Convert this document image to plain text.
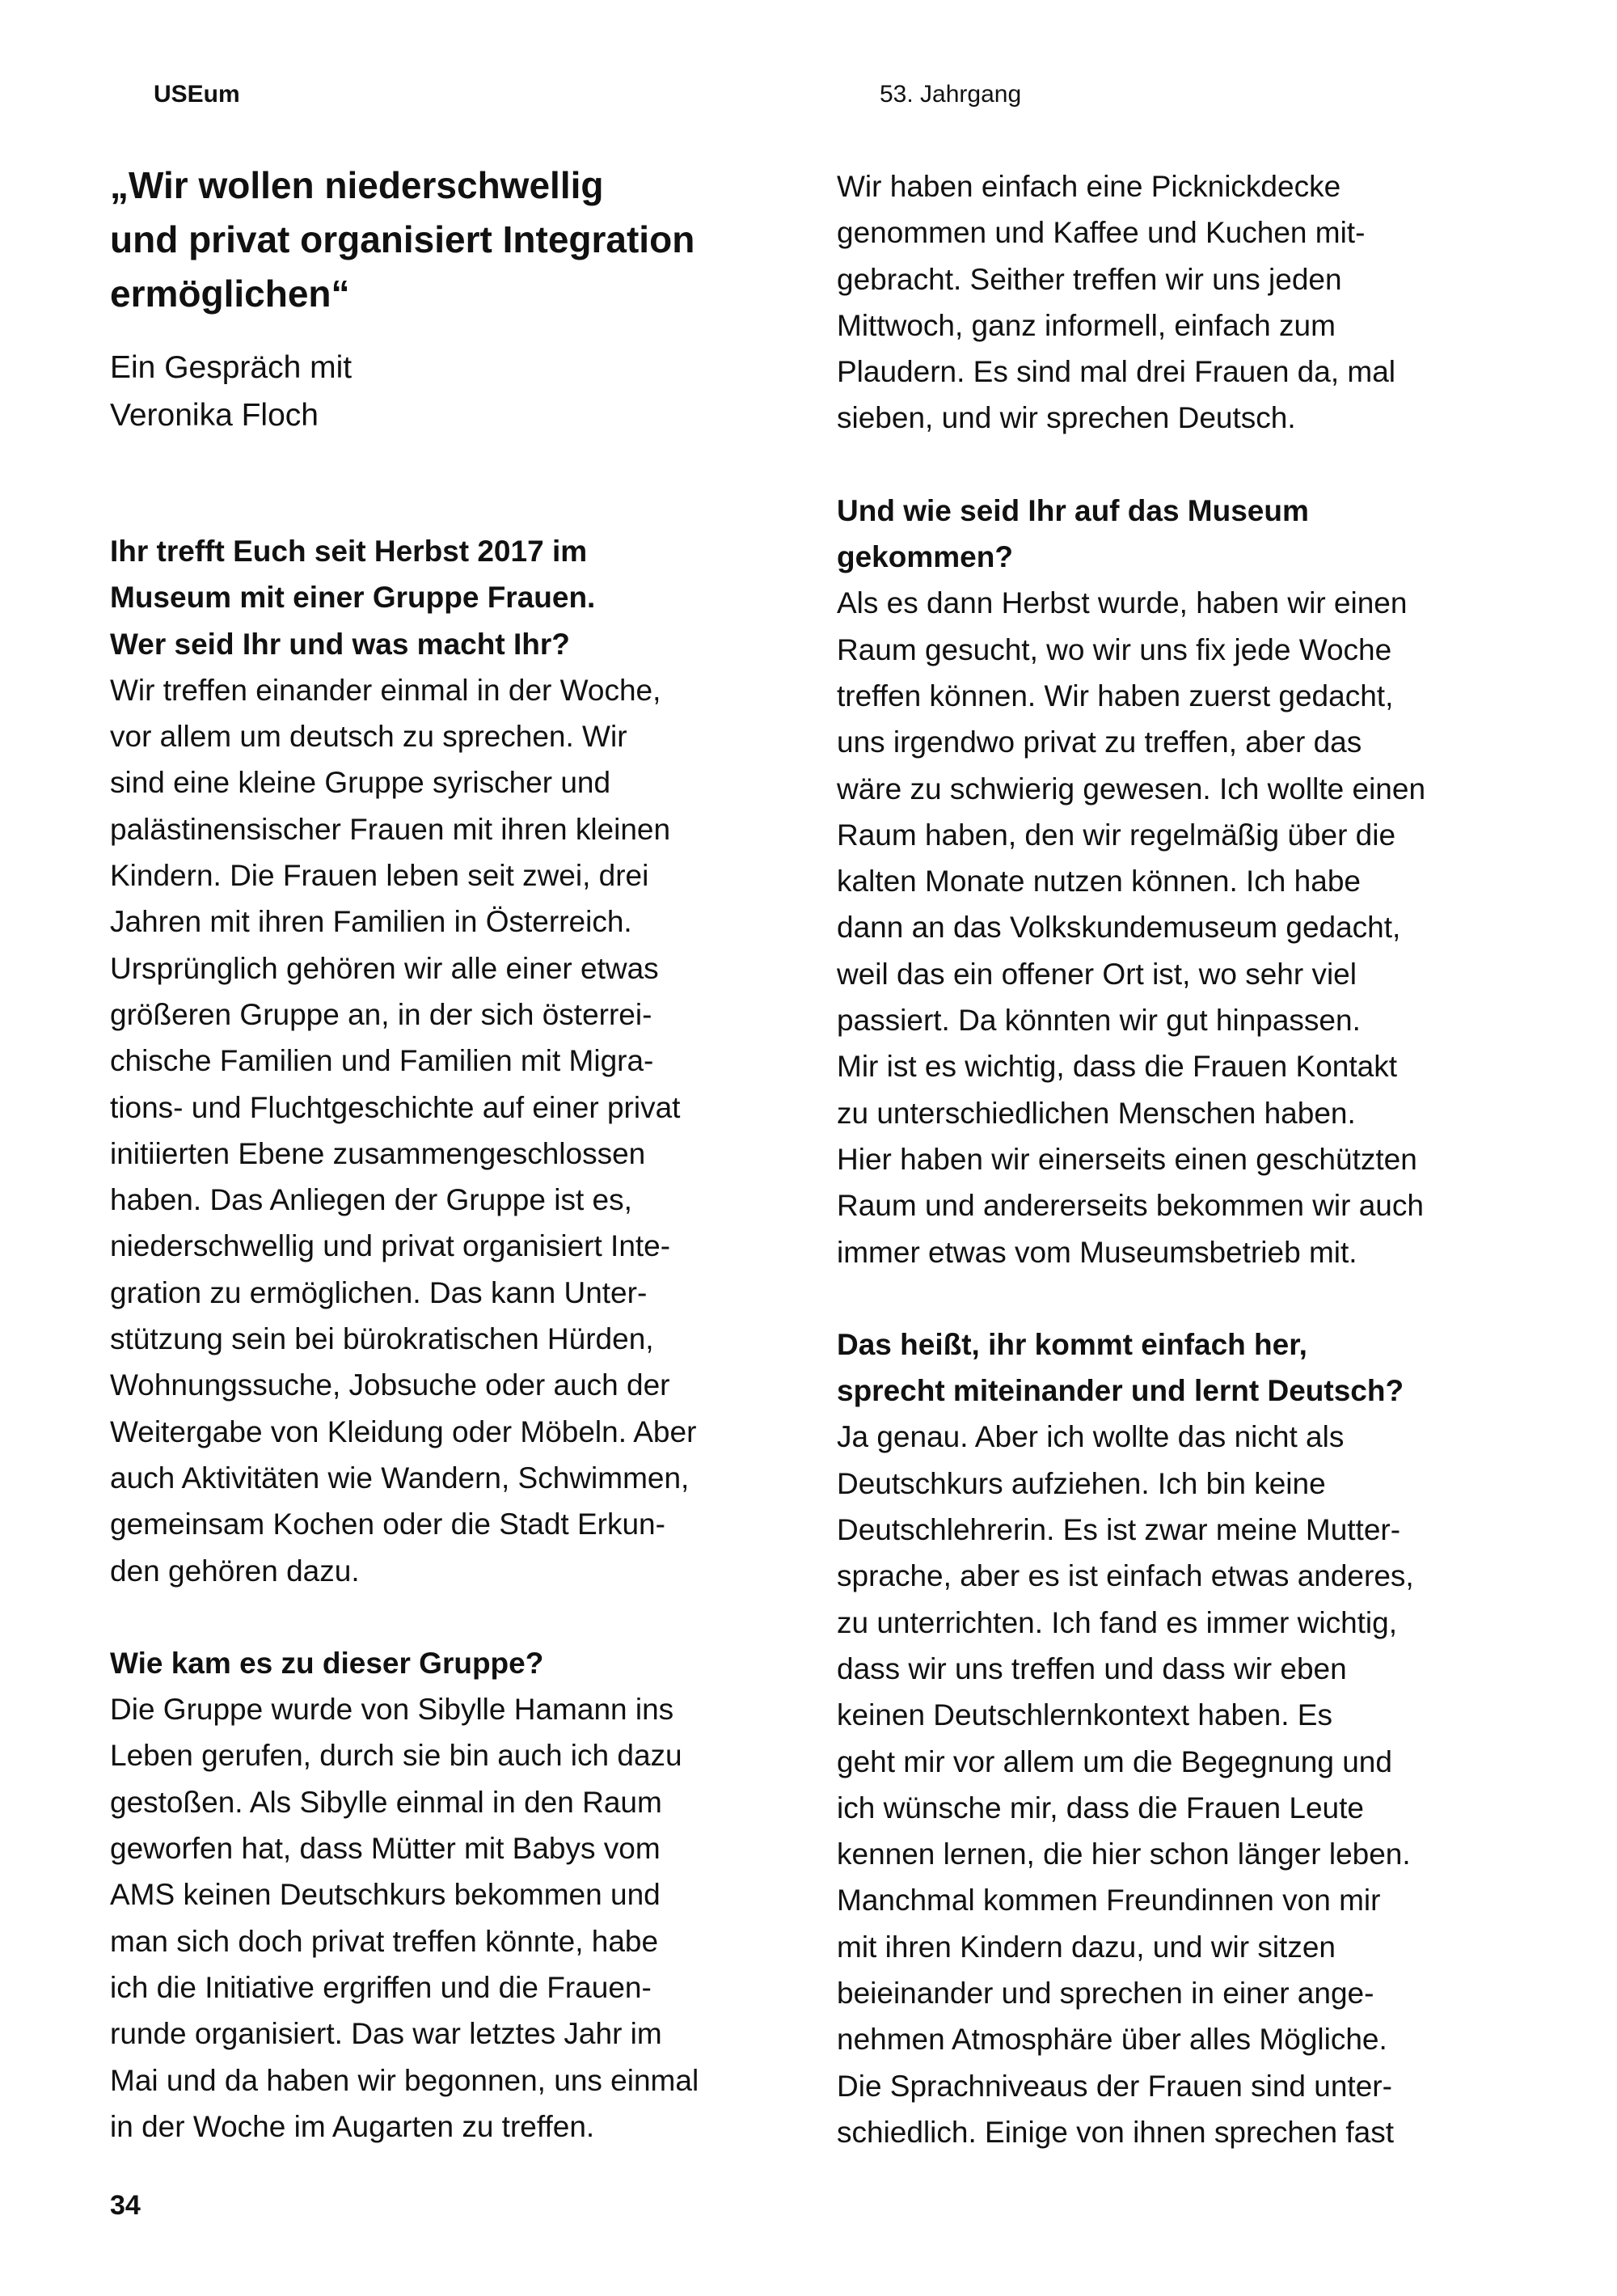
USEum	53. Jahrgang
„Wir wollen niederschwellig
und privat organisiert Integration
ermöglichen“

Ein Gespräch mit
Veronika Floch

Ihr trefft Euch seit Herbst 2017 im
Museum mit einer Gruppe Frauen.
Wer seid Ihr und was macht Ihr?

Wir treffen einander einmal in der Woche,
vor allem um deutsch zu sprechen. Wir
sind eine kleine Gruppe syrischer und
palästinensischer Frauen mit ihren kleinen
Kindern. Die Frauen leben seit zwei, drei
Jahren mit ihren Familien in Österreich.
Ursprünglich gehören wir alle einer etwas
größeren Gruppe an, in der sich österrei-
chische Familien und Familien mit Migra-
tions- und Fluchtgeschichte auf einer privat
initiierten Ebene zusammengeschlossen
haben. Das Anliegen der Gruppe ist es,
niederschwellig und privat organisiert Inte-
gration zu ermöglichen. Das kann Unter-
stützung sein bei bürokratischen Hürden,
Wohnungssuche, Jobsuche oder auch der
Weitergabe von Kleidung oder Möbeln. Aber
auch Aktivitäten wie Wandern, Schwimmen,
gemeinsam Kochen oder die Stadt Erkun-
den gehören dazu.

Wie kam es zu dieser Gruppe?

Die Gruppe wurde von Sibylle Hamann ins
Leben gerufen, durch sie bin auch ich dazu
gestoßen. Als Sibylle einmal in den Raum
geworfen hat, dass Mütter mit Babys vom
AMS keinen Deutschkurs bekommen und
man sich doch privat treffen könnte, habe
ich die Initiative ergriffen und die Frauen-
runde organisiert. Das war letztes Jahr im
Mai und da haben wir begonnen, uns einmal
in der Woche im Augarten zu treffen.

Wir haben einfach eine Picknickdecke
genommen und Kaffee und Kuchen mit-
gebracht. Seither treffen wir uns jeden
Mittwoch, ganz informell, einfach zum
Plaudern. Es sind mal drei Frauen da, mal
sieben, und wir sprechen Deutsch.

Und wie seid Ihr auf das Museum
gekommen?

Als es dann Herbst wurde, haben wir einen
Raum gesucht, wo wir uns fix jede Woche
treffen können. Wir haben zuerst gedacht,
uns irgendwo privat zu treffen, aber das
wäre zu schwierig gewesen. Ich wollte einen
Raum haben, den wir regelmäßig über die
kalten Monate nutzen können. Ich habe
dann an das Volkskundemuseum gedacht,
weil das ein offener Ort ist, wo sehr viel
passiert. Da könnten wir gut hinpassen.
Mir ist es wichtig, dass die Frauen Kontakt
zu unterschiedlichen Menschen haben.
Hier haben wir einerseits einen geschützten
Raum und andererseits bekommen wir auch
immer etwas vom Museumsbetrieb mit.

Das heißt, ihr kommt einfach her,
sprecht miteinander und lernt Deutsch?

Ja genau. Aber ich wollte das nicht als
Deutschkurs aufziehen. Ich bin keine
Deutschlehrerin. Es ist zwar meine Mutter-
sprache, aber es ist einfach etwas anderes,
zu unterrichten. Ich fand es immer wichtig,
dass wir uns treffen und dass wir eben
keinen Deutschlernkontext haben. Es
geht mir vor allem um die Begegnung und
ich wünsche mir, dass die Frauen Leute
kennen lernen, die hier schon länger leben.
Manchmal kommen Freundinnen von mir
mit ihren Kindern dazu, und wir sitzen
beieinander und sprechen in einer ange-
nehmen Atmosphäre über alles Mögliche.
Die Sprachniveaus der Frauen sind unter-
schiedlich. Einige von ihnen sprechen fast

34
